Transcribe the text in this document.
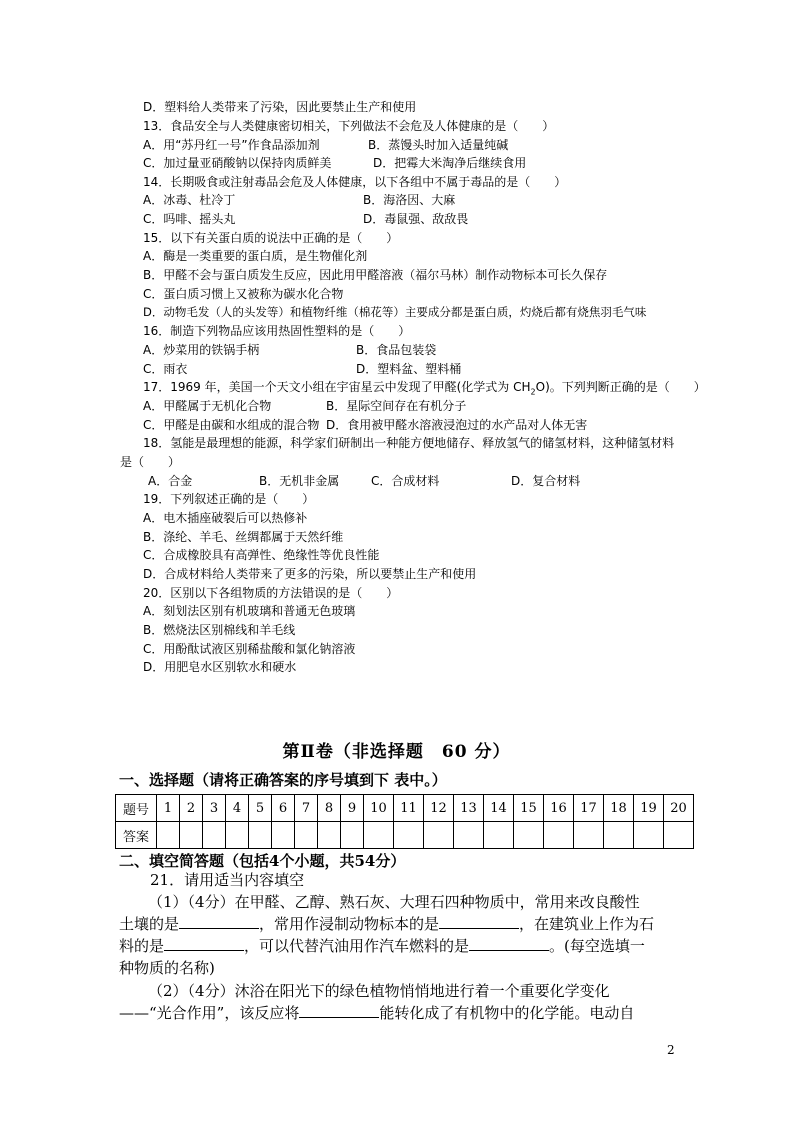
D．塑料给人类带来了污染，因此要禁止生产和使用
13．食品安全与人类健康密切相关，下列做法不会危及人体健康的是（　　）
A．用“苏丹红一号”作食品添加剂	B．蒸馒头时加入适量纯碱
C．加过量亚硝酸钠以保持肉质鲜美	D．把霉大米淘净后继续食用
14．长期吸食或注射毒品会危及人体健康，以下各组中不属于毒品的是（　　）
A．冰毒、杜冷丁	B．海洛因、大麻
C．吗啡、摇头丸	D．毒鼠强、敌敌畏
15．以下有关蛋白质的说法中正确的是（　　）
A．酶是一类重要的蛋白质，是生物催化剂
B．甲醛不会与蛋白质发生反应，因此用甲醛溶液（福尔马林）制作动物标本可长久保存
C．蛋白质习惯上又被称为碳水化合物
D．动物毛发（人的头发等）和植物纤维（棉花等）主要成分都是蛋白质，灼烧后都有烧焦羽毛气味
16．制造下列物品应该用热固性塑料的是（　　）
A．炒菜用的铁锅手柄	B．食品包装袋
C．雨衣	D．塑料盆、塑料桶
17．1969 年，美国一个天文小组在宇宙星云中发现了甲醛(化学式为 $CH_2O$)。下列判断正确的是（　　）
A．甲醛属于无机化合物	B．星际空间存在有机分子
C．甲醛是由碳和水组成的混合物 D．食用被甲醛水溶液浸泡过的水产品对人体无害
18．氢能是最理想的能源，科学家们研制出一种能方便地储存、释放氢气的储氢材料，这种储氢材料
是（　　）
A．合金	B．无机非金属	C．合成材料	D．复合材料
19．下列叙述正确的是（　　）
A．电木插座破裂后可以热修补
B．涤纶、羊毛、丝绸都属于天然纤维
C．合成橡胶具有高弹性、绝缘性等优良性能
D．合成材料给人类带来了更多的污染，所以要禁止生产和使用
20．区别以下各组物质的方法错误的是（　　）
A．刻划法区别有机玻璃和普通无色玻璃
B．燃烧法区别棉线和羊毛线
C．用酚酞试液区别稀盐酸和氯化钠溶液
D．用肥皂水区别软水和硬水
第Ⅱ卷（非选择题　60 分）
一、选择题（请将正确答案的序号填到下 表中。）
题号	1	2	3	4	5	6	7	8	9	10	11	12	13	14	15	16	17	18	19	20
答案																				
二、填空简答题（包括4个小题，共54分）
21．请用适当内容填空
（1）（4分）在甲醛、乙醇、熟石灰、大理石四种物质中，常用来改良酸性
土壤的是	，常用作浸制动物标本的是	，在建筑业上作为石
料的是	，可以代替汽油用作汽车燃料的是	。(每空选填一
种物质的名称)
（2）（4分）沐浴在阳光下的绿色植物悄悄地进行着一个重要化学变化
——“光合作用”，该反应将	能转化成了有机物中的化学能。电动自
2
